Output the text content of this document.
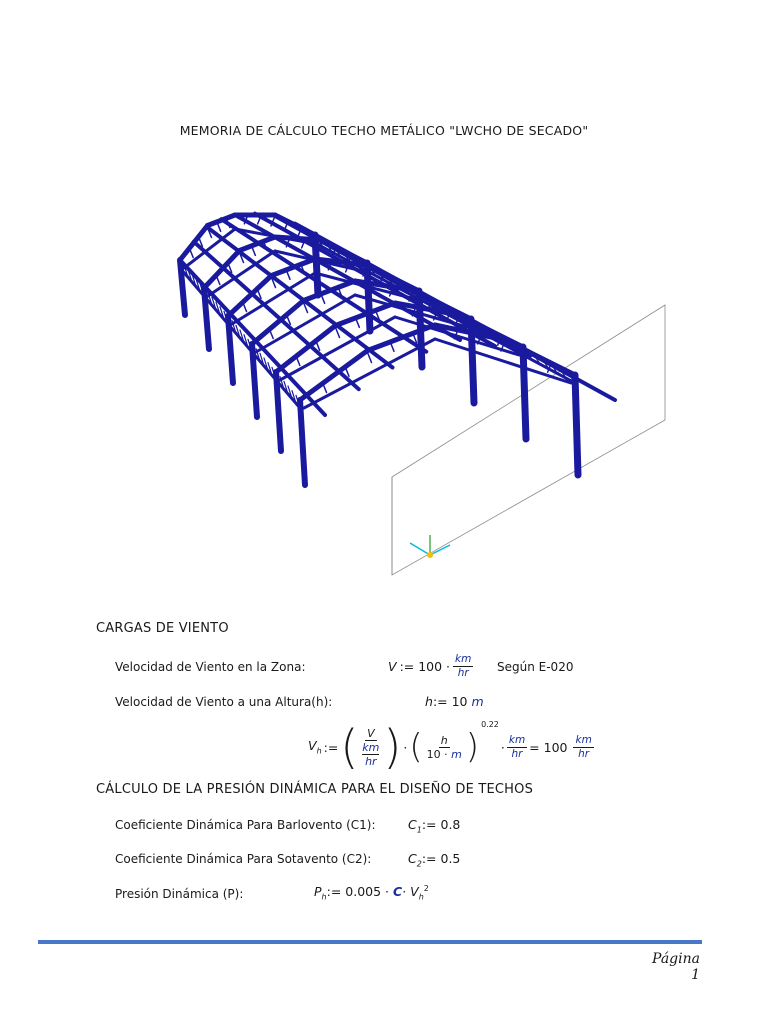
MEMORIA DE CÁLCULO TECHO METÁLICO "LWCHO DE SECADO"
CARGAS DE VIENTO
Velocidad de Viento en la Zona:	V := $100 \cdot \frac{km}{hr}$ Según E-020
Velocidad de Viento a una Altura(h):	h:= 10 m
$V_h$ := ( V
km
hr ) · ( $\frac{h}{10 \cdot m}$ )
0.22
· $\frac{km}{hr} = 100 \frac{km}{hr}$
CÁLCULO DE LA PRESIÓN DINÁMICA PARA EL DISEÑO DE TECHOS
Coeficiente Dinámica Para Barlovento (C1):	$C_1:= 0.8$
Coeficiente Dinámica Para Sotavento (C2):	$C_2:= 0.5$
Presión Dinámica (P):	$P_h:= 0.005 \cdot C\cdot V_h^2$
Página 1
